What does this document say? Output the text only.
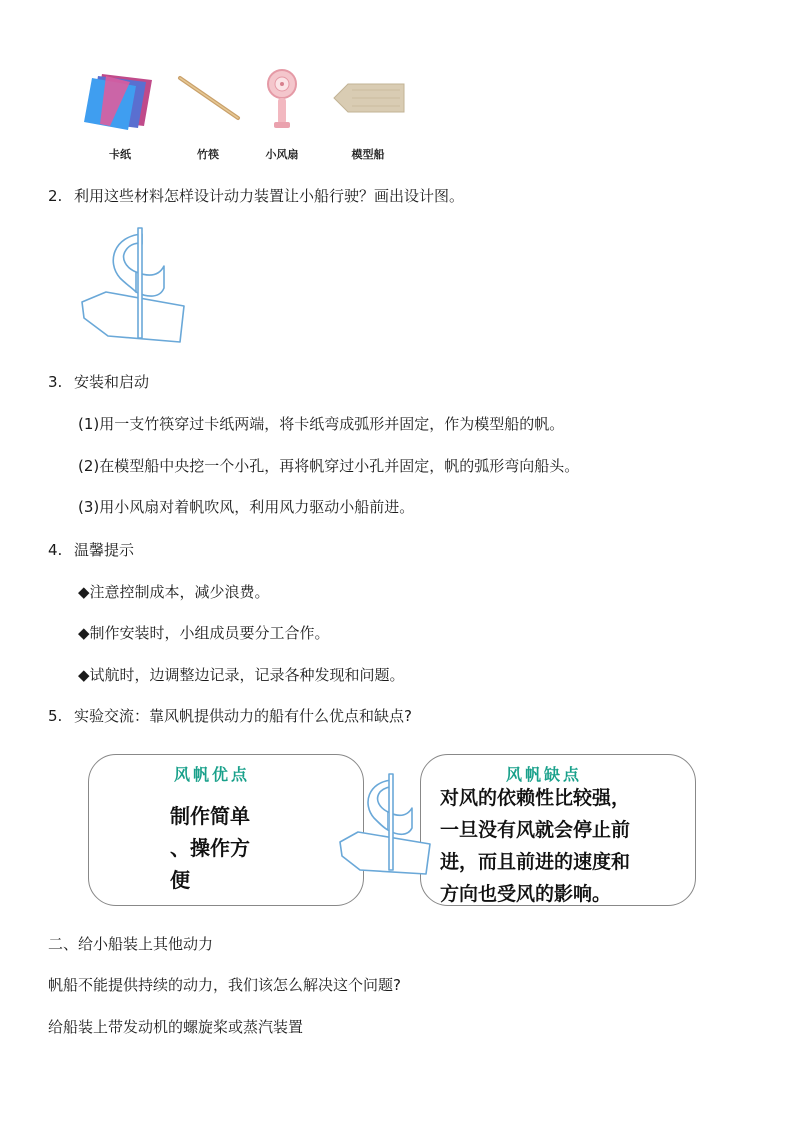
卡纸	竹筷	小风扇	模型船
2. 利用这些材料怎样设计动力装置让小船行驶？画出设计图。
3. 安装和启动
(1)用一支竹筷穿过卡纸两端，将卡纸弯成弧形并固定，作为模型船的帆。
(2)在模型船中央挖一个小孔，再将帆穿过小孔并固定，帆的弧形弯向船头。
(3)用小风扇对着帆吹风，利用风力驱动小船前进。
4. 温馨提示
◆注意控制成本，减少浪费。
◆制作安装时，小组成员要分工合作。
◆试航时，边调整边记录，记录各种发现和问题。
5. 实验交流：靠风帆提供动力的船有什么优点和缺点?
风帆优点
制作简单
、操作方
便
风帆缺点
对风的依赖性比较强，
一旦没有风就会停止前
进，而且前进的速度和
方向也受风的影响。
二、给小船装上其他动力
帆船不能提供持续的动力，我们该怎么解决这个问题?
给船装上带发动机的螺旋桨或蒸汽装置
